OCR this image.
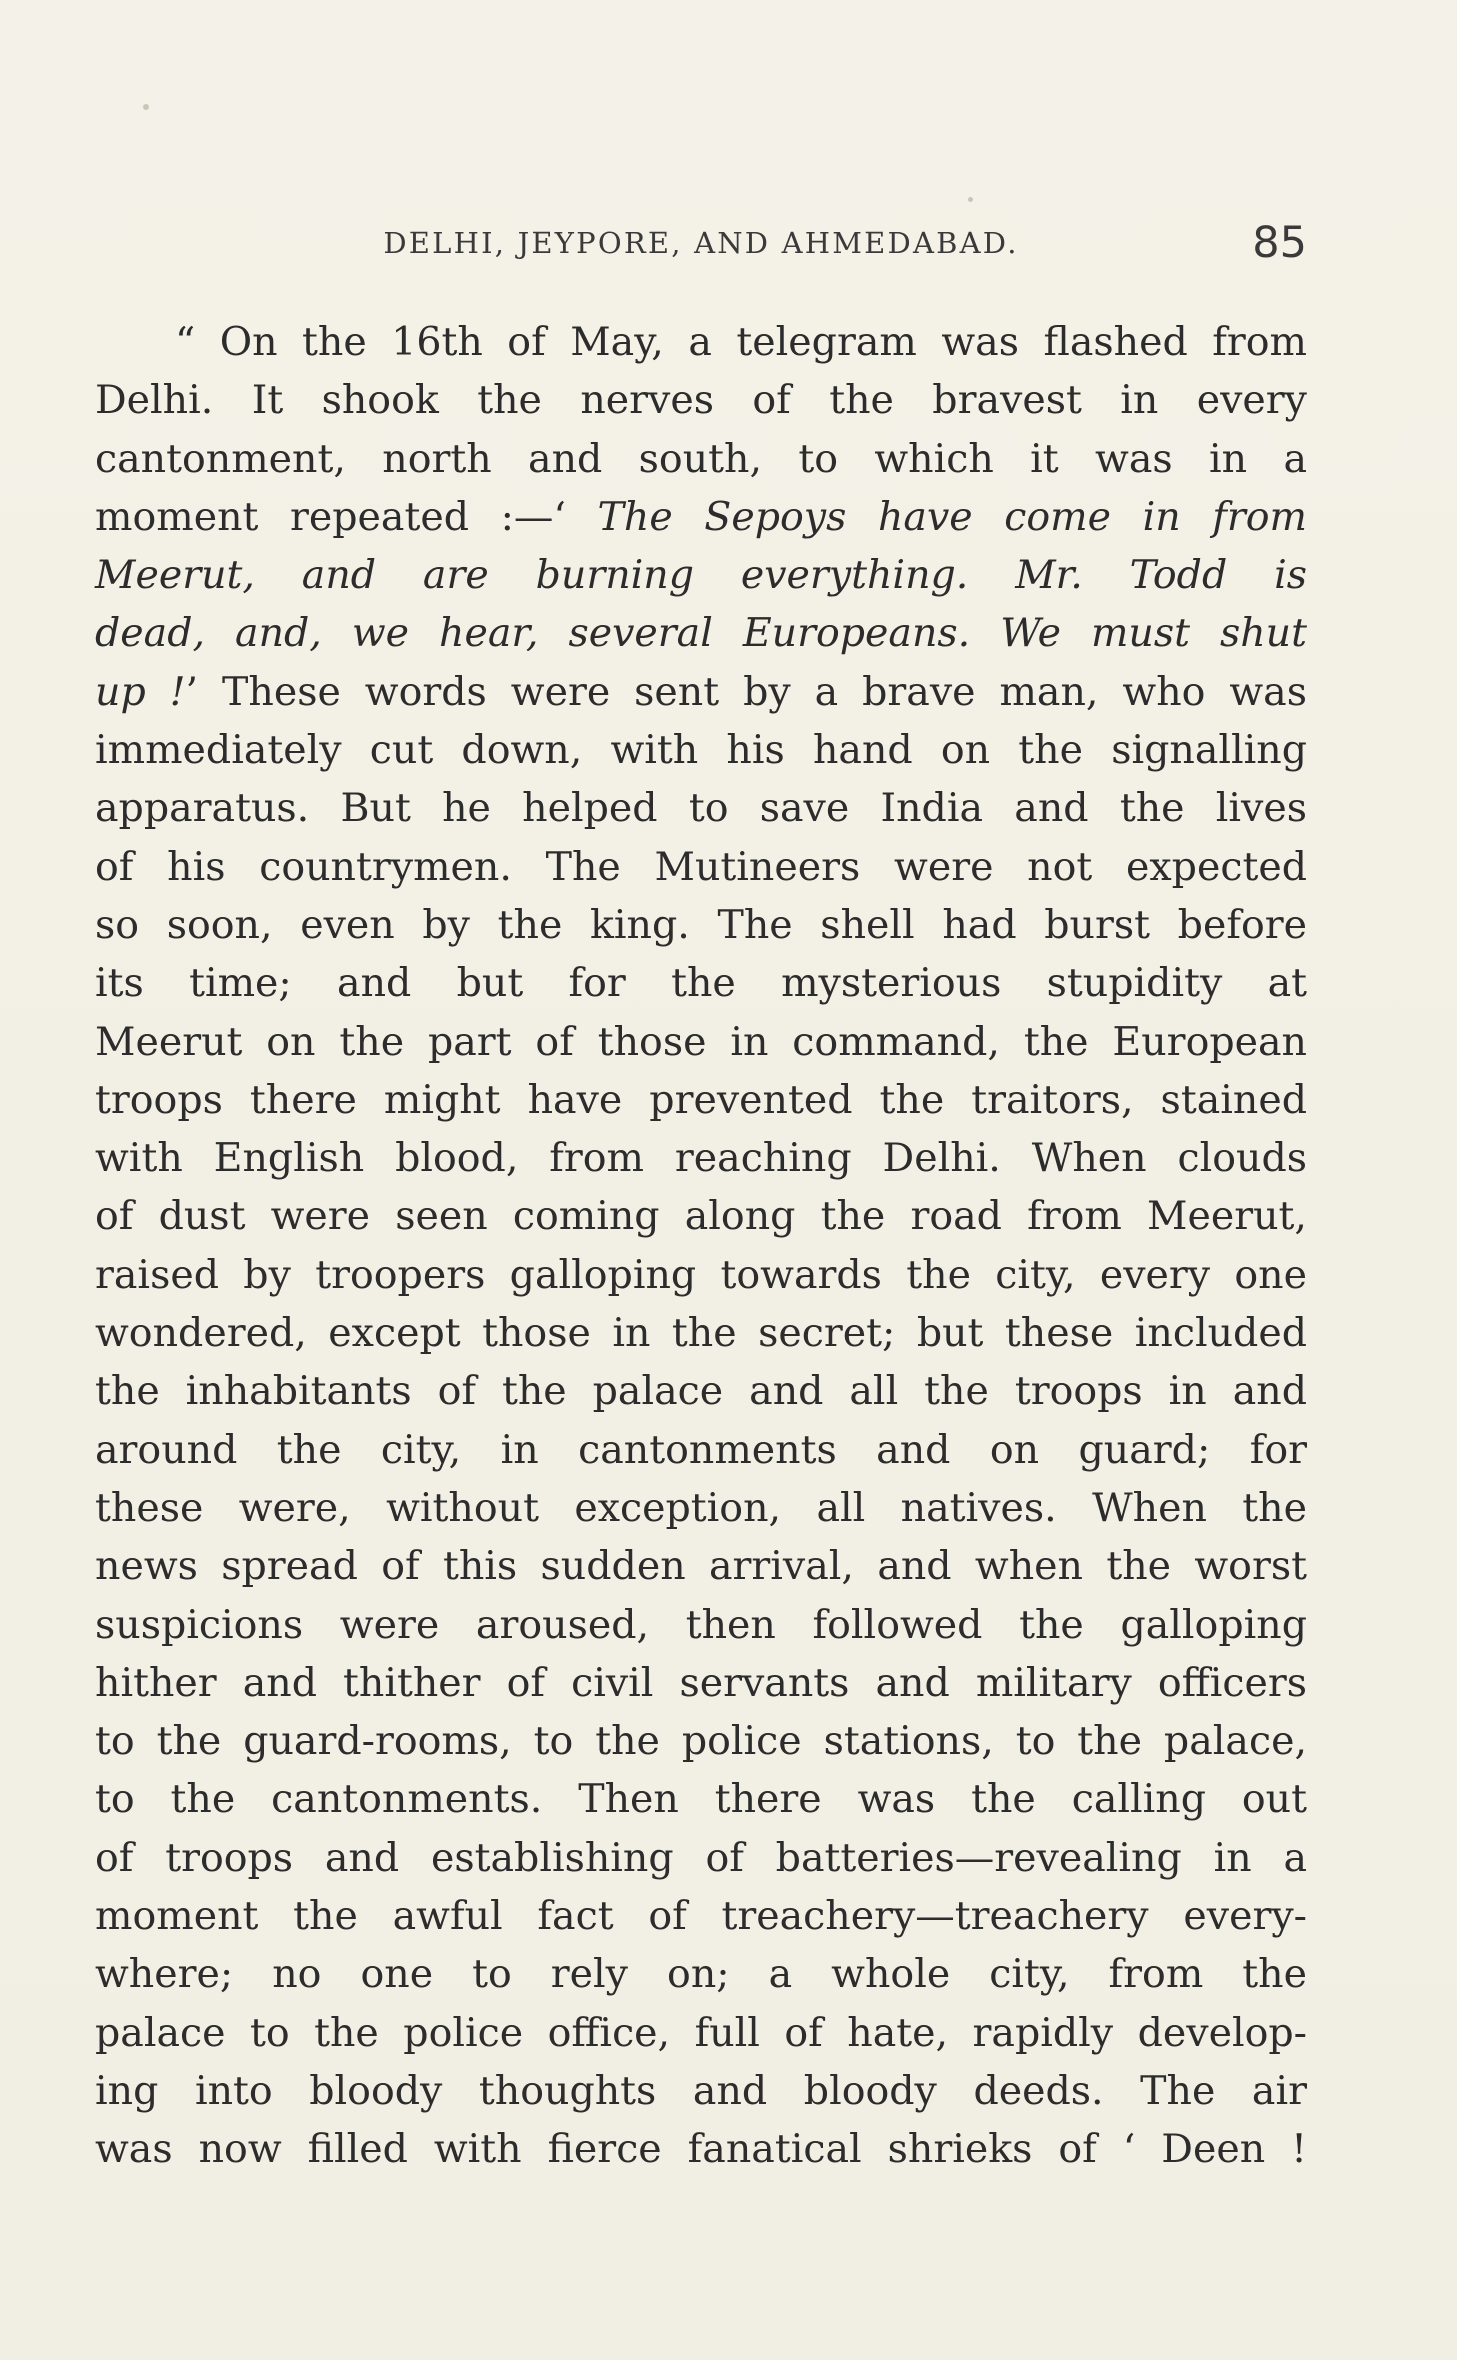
DELHI, JEYPORE, AND AHMEDABAD.	85
“ On the 16th of May, a telegram was flashed from
Delhi. It shook the nerves of the bravest in every
cantonment, north and south, to which it was in a
moment repeated :—‘ The Sepoys have come in from
Meerut, and are burning everything. Mr. Todd is
dead, and, we hear, several Europeans. We must shut
up !’ These words were sent by a brave man, who was
immediately cut down, with his hand on the signalling
apparatus. But he helped to save India and the lives
of his countrymen. The Mutineers were not expected
so soon, even by the king. The shell had burst before
its time; and but for the mysterious stupidity at
Meerut on the part of those in command, the European
troops there might have prevented the traitors, stained
with English blood, from reaching Delhi. When clouds
of dust were seen coming along the road from Meerut,
raised by troopers galloping towards the city, every one
wondered, except those in the secret; but these included
the inhabitants of the palace and all the troops in and
around the city, in cantonments and on guard; for
these were, without exception, all natives. When the
news spread of this sudden arrival, and when the worst
suspicions were aroused, then followed the galloping
hither and thither of civil servants and military officers
to the guard-rooms, to the police stations, to the palace,
to the cantonments. Then there was the calling out
of troops and establishing of batteries—revealing in a
moment the awful fact of treachery—treachery every-
where; no one to rely on; a whole city, from the
palace to the police office, full of hate, rapidly develop-
ing into bloody thoughts and bloody deeds. The air
was now filled with fierce fanatical shrieks of ‘ Deen !
